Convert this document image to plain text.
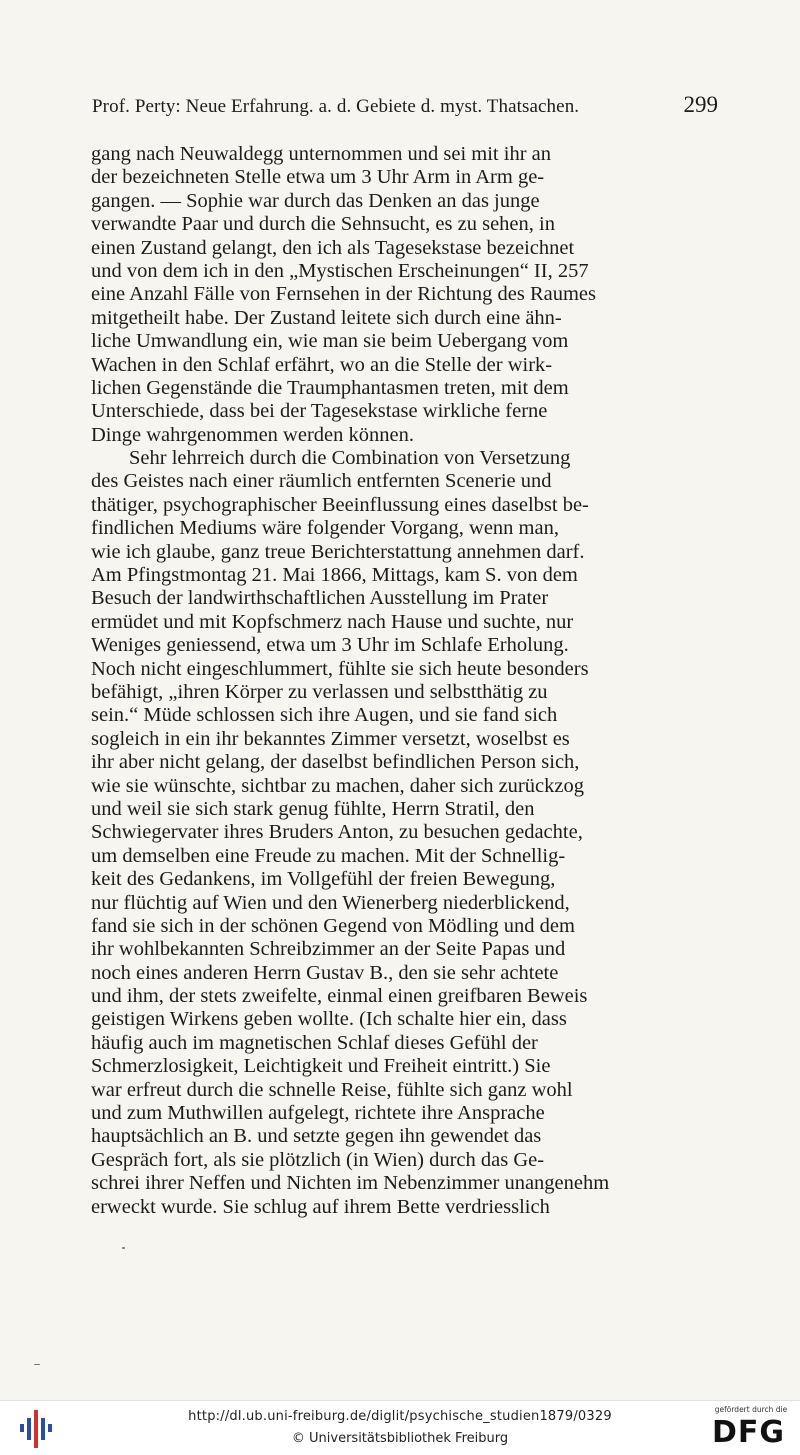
Prof. Perty: Neue Erfahrung. a. d. Gebiete d. myst. Thatsachen.	299
gang nach Neuwaldegg unternommen und sei mit ihr an
der bezeichneten Stelle etwa um 3 Uhr Arm in Arm ge-
gangen. — Sophie war durch das Denken an das junge
verwandte Paar und durch die Sehnsucht, es zu sehen, in
einen Zustand gelangt, den ich als Tagesekstase bezeichnet
und von dem ich in den „Mystischen Erscheinungen“ II, 257
eine Anzahl Fälle von Fernsehen in der Richtung des Raumes
mitgetheilt habe. Der Zustand leitete sich durch eine ähn-
liche Umwandlung ein, wie man sie beim Uebergang vom
Wachen in den Schlaf erfährt, wo an die Stelle der wirk-
lichen Gegenstände die Traumphantasmen treten, mit dem
Unterschiede, dass bei der Tagesekstase wirkliche ferne
Dinge wahrgenommen werden können.
Sehr lehrreich durch die Combination von Versetzung
des Geistes nach einer räumlich entfernten Scenerie und
thätiger, psychographischer Beeinflussung eines daselbst be-
findlichen Mediums wäre folgender Vorgang, wenn man,
wie ich glaube, ganz treue Berichterstattung annehmen darf.
Am Pfingstmontag 21. Mai 1866, Mittags, kam S. von dem
Besuch der landwirthschaftlichen Ausstellung im Prater
ermüdet und mit Kopfschmerz nach Hause und suchte, nur
Weniges geniessend, etwa um 3 Uhr im Schlafe Erholung.
Noch nicht eingeschlummert, fühlte sie sich heute besonders
befähigt, „ihren Körper zu verlassen und selbstthätig zu
sein.“ Müde schlossen sich ihre Augen, und sie fand sich
sogleich in ein ihr bekanntes Zimmer versetzt, woselbst es
ihr aber nicht gelang, der daselbst befindlichen Person sich,
wie sie wünschte, sichtbar zu machen, daher sich zurückzog
und weil sie sich stark genug fühlte, Herrn Stratil, den
Schwiegervater ihres Bruders Anton, zu besuchen gedachte,
um demselben eine Freude zu machen. Mit der Schnellig-
keit des Gedankens, im Vollgefühl der freien Bewegung,
nur flüchtig auf Wien und den Wienerberg niederblickend,
fand sie sich in der schönen Gegend von Mödling und dem
ihr wohlbekannten Schreibzimmer an der Seite Papas und
noch eines anderen Herrn Gustav B., den sie sehr achtete
und ihm, der stets zweifelte, einmal einen greifbaren Beweis
geistigen Wirkens geben wollte. (Ich schalte hier ein, dass
häufig auch im magnetischen Schlaf dieses Gefühl der
Schmerzlosigkeit, Leichtigkeit und Freiheit eintritt.) Sie
war erfreut durch die schnelle Reise, fühlte sich ganz wohl
und zum Muthwillen aufgelegt, richtete ihre Ansprache
hauptsächlich an B. und setzte gegen ihn gewendet das
Gespräch fort, als sie plötzlich (in Wien) durch das Ge-
schrei ihrer Neffen und Nichten im Nebenzimmer unangenehm
erweckt wurde. Sie schlug auf ihrem Bette verdriesslich
http://dl.ub.uni-freiburg.de/diglit/psychische_studien1879/0329
© Universitätsbibliothek Freiburg
gefördert durch die
DFG
